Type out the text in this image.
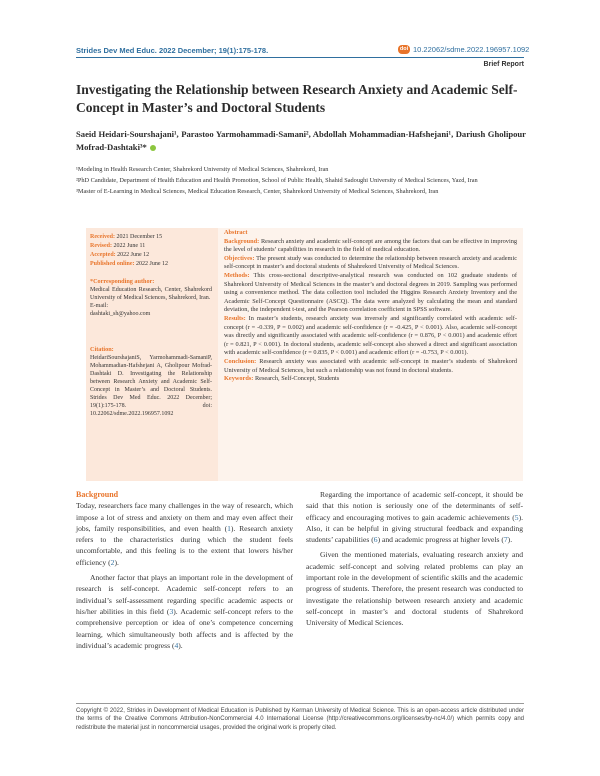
Strides Dev Med Educ. 2022 December; 19(1):175-178.	doi 10.22062/sdme.2022.196957.1092
Brief Report
Investigating the Relationship between Research Anxiety and Academic Self-Concept in Master’s and Doctoral Students
Saeid Heidari-Sourshajani¹, Parastoo Yarmohammadi-Samani², Abdollah Mohammadian-Hafshejani¹, Dariush Gholipour Mofrad-Dashtaki³*

¹Modeling in Health Research Center, Shahrekord University of Medical Sciences, Shahrekord, Iran

²PhD Candidate, Department of Health Education and Health Promotion, School of Public Health, Shahid Sadoughi University of Medical Sciences, Yazd, Iran

³Master of E-Learning in Medical Sciences, Medical Education Research, Center, Shahrekord University of Medical Sciences, Shahrekord, Iran

Received: 2021 December 15
Revised: 2022 June 11
Accepted: 2022 June 12
Published online: 2022 June 12
*Corresponding author:
Medical Education Research, Center, Shahrekord University of Medical Sciences, Shahrekord, Iran.
E-mail:
dashtaki_sh@yahoo.com
Citation:
HeidariSourshajaniS, Yarmohammadi-SamaniP, Mohammadian-Hafshejani A, Gholipour Mofrad-Dashtaki D. Investigating the Relationship between Research Anxiety and Academic Self-Concept in Master’s and Doctoral Students. Strides Dev Med Educ. 2022 December; 19(1):175-178. doi: 10.22062/sdme.2022.196957.1092

Abstract

Background: Research anxiety and academic self-concept are among the factors that can be effective in improving the level of students’ capabilities in research in the field of medical education.

Objectives: The present study was conducted to determine the relationship between research anxiety and academic self-concept in master’s and doctoral students of Shahrekord University of Medical Sciences.

Methods: This cross-sectional descriptive-analytical research was conducted on 102 graduate students of Shahrekord University of Medical Sciences in the master’s and doctoral degrees in 2019. Sampling was performed using a convenience method. The data collection tool included the Higgins Research Anxiety Inventory and the Academic Self-Concept Questionnaire (ASCQ). The data were analyzed by calculating the mean and standard deviation, the independent t-test, and the Pearson correlation coefficient in SPSS software.

Results: In master’s students, research anxiety was inversely and significantly correlated with academic self-concept (r = -0.339, P = 0.002) and academic self-confidence (r = -0.425, P < 0.001). Also, academic self-concept was directly and significantly associated with academic self-confidence (r = 0.876, P < 0.001) and academic effort (r = 0.821, P < 0.001). In doctoral students, academic self-concept also showed a direct and significant association with academic self-confidence (r = 0.835, P < 0.001) and academic effort (r = -0.753, P < 0.001).

Conclusion: Research anxiety was associated with academic self-concept in master’s students of Shahrekord University of Medical Sciences, but such a relationship was not found in doctoral students.

Keywords: Research, Self-Concept, Students

Background

Today, researchers face many challenges in the way of research, which impose a lot of stress and anxiety on them and may even affect their jobs, family responsibilities, and even health (1). Research anxiety refers to the characteristics during which the student feels uncomfortable, and this feeling is to the extent that lowers his/her efficiency (2).

Another factor that plays an important role in the development of research is self-concept. Academic self-concept refers to an individual’s self-assessment regarding specific academic aspects or his/her abilities in this field (3). Academic self-concept refers to the comprehensive perception or idea of one’s competence concerning learning, which simultaneously both affects and is affected by the individual’s academic progress (4).

Regarding the importance of academic self-concept, it should be said that this notion is seriously one of the determinants of self-efficacy and encouraging motives to gain academic achievements (5). Also, it can be helpful in giving structural feedback and expanding students’ capabilities (6) and academic progress at higher levels (7).

Given the mentioned materials, evaluating research anxiety and academic self-concept and solving related problems can play an important role in the development of scientific skills and the academic progress of students. Therefore, the present research was conducted to investigate the relationship between research anxiety and academic self-concept in master’s and doctoral students of Shahrekord University of Medical Sciences.

Copyright © 2022, Strides in Development of Medical Education is Published by Kerman University of Medical Science. This is an open-access article distributed under the terms of the Creative Commons Attribution-NonCommercial 4.0 International License (http://creativecommons.org/licenses/by-nc/4.0/) which permits copy and redistribute the material just in noncommercial usages, provided the original work is properly cited.
